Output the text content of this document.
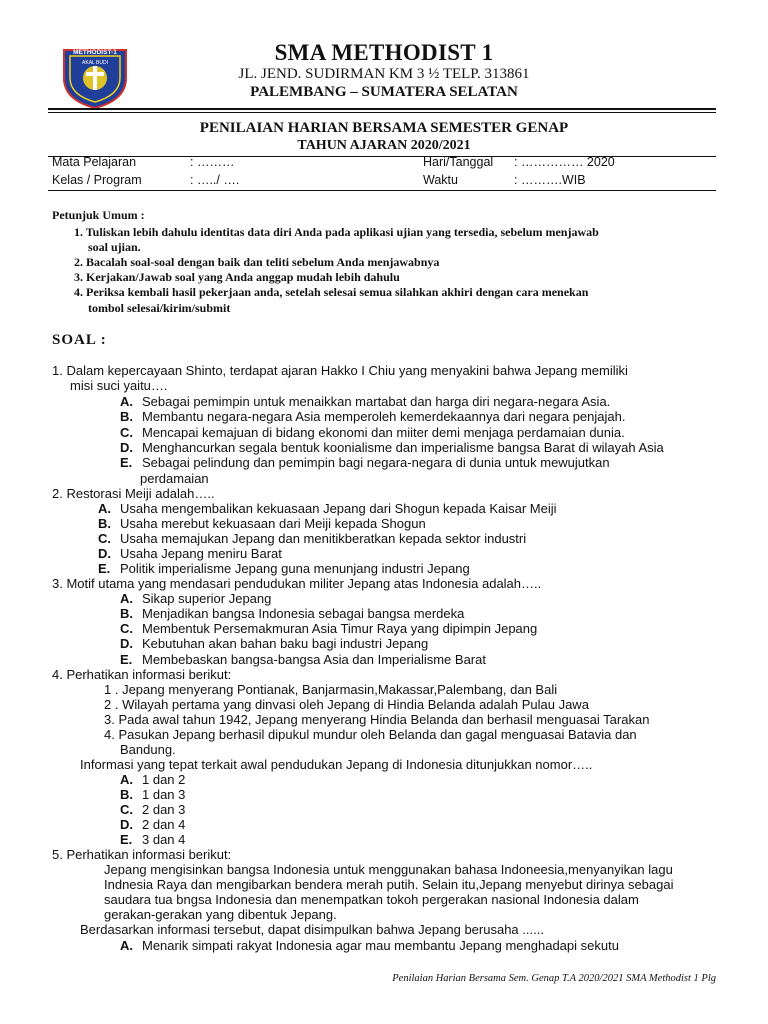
METHODIST-1
AKAL BUDI	SMA METHODIST 1
JL. JEND. SUDIRMAN KM 3 ½ TELP. 313861
PALEMBANG – SUMATERA SELATAN
PENILAIAN HARIAN BERSAMA SEMESTER GENAP
TAHUN AJARAN 2020/2021
Mata Pelajaran	: ………	Hari/Tanggal : …………… 2020
Kelas / Program	: …../ ….	Waktu	: ……….WIB
Petunjuk Umum :
1. Tuliskan lebih dahulu identitas data diri Anda pada aplikasi ujian yang tersedia, sebelum menjawab
soal ujian.
2. Bacalah soal-soal dengan baik dan teliti sebelum Anda menjawabnya
3. Kerjakan/Jawab soal yang Anda anggap mudah lebih dahulu
4. Periksa kembali hasil pekerjaan anda, setelah selesai semua silahkan akhiri dengan cara menekan
tombol selesai/kirim/submit
SOAL :
1. Dalam kepercayaan Shinto, terdapat ajaran Hakko I Chiu yang menyakini bahwa Jepang memiliki
misi suci yaitu….
A. Sebagai pemimpin untuk menaikkan martabat dan harga diri negara-negara Asia.
B. Membantu negara-negara Asia memperoleh kemerdekaannya dari negara penjajah.
C. Mencapai kemajuan di bidang ekonomi dan miiter demi menjaga perdamaian dunia.
D. Menghancurkan segala bentuk koonialisme dan imperialisme bangsa Barat di wilayah Asia
E. Sebagai pelindung dan pemimpin bagi negara-negara di dunia untuk mewujutkan
perdamaian
2. Restorasi Meiji adalah…..
A. Usaha mengembalikan kekuasaan Jepang dari Shogun kepada Kaisar Meiji
B. Usaha merebut kekuasaan dari Meiji kepada Shogun
C. Usaha memajukan Jepang dan menitikberatkan kepada sektor industri
D. Usaha Jepang meniru Barat
E. Politik imperialisme Jepang guna menunjang industri Jepang
3. Motif utama yang mendasari pendudukan militer Jepang atas Indonesia adalah…..
A. Sikap superior Jepang
B. Menjadikan bangsa Indonesia sebagai bangsa merdeka
C. Membentuk Persemakmuran Asia Timur Raya yang dipimpin Jepang
D. Kebutuhan akan bahan baku bagi industri Jepang
E. Membebaskan bangsa-bangsa Asia dan Imperialisme Barat
4. Perhatikan informasi berikut:
1 . Jepang menyerang Pontianak, Banjarmasin,Makassar,Palembang, dan Bali
2 . Wilayah pertama yang dinvasi oleh Jepang di Hindia Belanda adalah Pulau Jawa
3. Pada awal tahun 1942, Jepang menyerang Hindia Belanda dan berhasil menguasai Tarakan
4. Pasukan Jepang berhasil dipukul mundur oleh Belanda dan gagal menguasai Batavia dan
Bandung.
Informasi yang tepat terkait awal pendudukan Jepang di Indonesia ditunjukkan nomor…..
A. 1 dan 2
B. 1 dan 3
C. 2 dan 3
D. 2 dan 4
E. 3 dan 4
5. Perhatikan informasi berikut:
Jepang mengisinkan bangsa Indonesia untuk menggunakan bahasa Indoneesia,menyanyikan lagu
Indnesia Raya dan mengibarkan bendera merah putih. Selain itu,Jepang menyebut dirinya sebagai
saudara tua bngsa Indonesia dan menempatkan tokoh pergerakan nasional Indonesia dalam
gerakan-gerakan yang dibentuk Jepang.
Berdasarkan informasi tersebut, dapat disimpulkan bahwa Jepang berusaha ......
A. Menarik simpati rakyat Indonesia agar mau membantu Jepang menghadapi sekutu
Penilaian Harian Bersama Sem. Genap T.A 2020/2021 SMA Methodist 1 Plg
